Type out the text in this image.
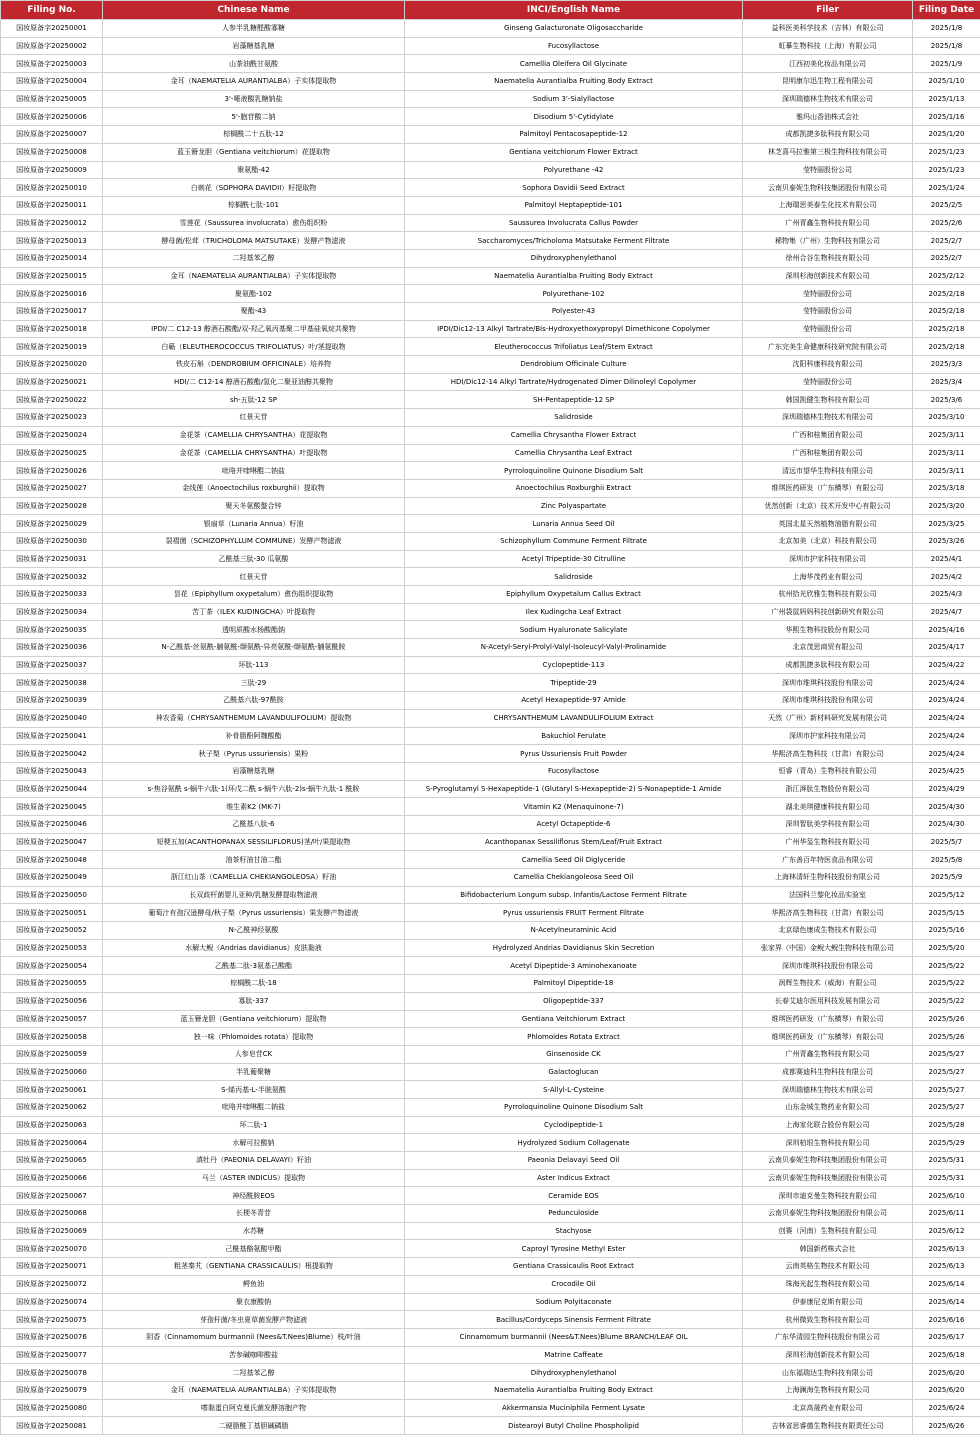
Filing No.	Chinese Name	INCI/English Name	Filer	Filing Date
国妆原备字20250001	人参半乳糖醛酸寡糖	Ginseng Galacturonate Oligosaccharide	益科医美科学技术（吉林）有限公司	2025/1/8
国妆原备字20250002	岩藻糖基乳糖	Fucosyllactose	虹摹生物科技（上海）有限公司	2025/1/8
国妆原备字20250003	山茶油酰甘氨酸	Camellia Oleifera Oil Glycinate	江西初美化妆品有限公司	2025/1/9
国妆原备字20250004	金耳（NAEMATELIA AURANTIALBA）子实体提取物	Naematelia Aurantialba Fruiting Body Extract	昆明康尔迅生物工程有限公司	2025/1/10
国妆原备字20250005	3'-唾液酸乳糖钠盐	Sodium 3'-Sialyllactose	深圳瑞德林生物技术有限公司	2025/1/13
国妆原备字20250006	5'-胞苷酸二钠	Disodium 5'-Cytidylate	雅玛山香油株式会社	2025/1/16
国妆原备字20250007	棕榈酰二十五肽-12	Palmitoyl Pentacosapeptide-12	成都凯捷多肽科技有限公司	2025/1/20
国妆原备字20250008	蓝玉簪龙胆（Gentiana veitchiorum）花提取物	Gentiana veitchiorum Flower Extract	林芝喜马拉雅第三极生物科技有限公司	2025/1/23
国妆原备字20250009	聚氨酯-42	Polyurethane -42	莹特丽股份公司	2025/1/23
国妆原备字20250010	白刺花（SOPHORA DAVIDII）籽提取物	Sophora Davidii Seed Extract	云南贝泰妮生物科技集团股份有限公司	2025/1/24
国妆原备字20250011	棕榈酰七肽-101	Palmitoyl Heptapeptide-101	上海瑞思美泰生化技术有限公司	2025/2/5
国妆原备字20250012	雪莲花（Saussurea involucrata）愈伤组织粉	Saussurea Involucrata Callus Powder	广州青鑫生物科技有限公司	2025/2/6
国妆原备字20250013	酵母菌/松茸（TRICHOLOMA MATSUTAKE）发酵产物滤液	Saccharomyces/Tricholoma Matsutake Ferment Filtrate	稀物集（广州）生物科技有限公司	2025/2/7
国妆原备字20250014	二羟基苯乙醇	Dihydroxyphenylethanol	徐州合谷生物科技有限公司	2025/2/7
国妆原备字20250015	金耳（NAEMATELIA AURANTIALBA）子实体提取物	Naematelia Aurantialba Fruiting Body Extract	深圳杉海创新技术有限公司	2025/2/12
国妆原备字20250016	聚氨酯-102	Polyurethane-102	莹特丽股份公司	2025/2/18
国妆原备字20250017	聚酯-43	Polyester-43	莹特丽股份公司	2025/2/18
国妆原备字20250018	IPDI/二 C12-13 醇酒石酸酯/双-羟乙氧丙基聚二甲基硅氧烷共聚物	IPDI/Dic12-13 Alkyl Tartrate/Bis-Hydroxyethoxypropyl Dimethicone Copolymer	莹特丽股份公司	2025/2/18
国妆原备字20250019	白簕（ELEUTHEROCOCCUS TRIFOLIATUS）叶/茎提取物	Eleutherococcus Trifoliatus Leaf/Stem Extract	广东完美生命健康科技研究院有限公司	2025/2/18
国妆原备字20250020	铁皮石斛（DENDROBIUM OFFICINALE）培养物	Dendrobium Officinale Culture	沈阳科康科技有限公司	2025/3/3
国妆原备字20250021	HDI/二 C12-14 醇酒石酸酯/氢化二聚亚油醇共聚物	HDI/Dic12-14 Alkyl Tartrate/Hydrogenated Dimer Dilinoleyl Copolymer	莹特丽股份公司	2025/3/4
国妆原备字20250022	sh-五肽-12 SP	SH-Pentapeptide-12 SP	韩国凯健生物科技有限公司	2025/3/6
国妆原备字20250023	红景天苷	Salidroside	深圳瑞德林生物技术有限公司	2025/3/10
国妆原备字20250024	金花茶（CAMELLIA CHRYSANTHA）花提取物	Camellia Chrysantha Flower Extract	广西和桂集团有限公司	2025/3/11
国妆原备字20250025	金花茶（CAMELLIA CHRYSANTHA）叶提取物	Camellia Chrysantha Leaf Extract	广西和桂集团有限公司	2025/3/11
国妆原备字20250026	吡咯并喹啉醌二钠盐	Pyrroloquinoline Quinone Disodium Salt	清远市望华生物科技有限公司	2025/3/11
国妆原备字20250027	金线莲（Anoectochilus roxburghii）提取物	Anoectochilus Roxburghii Extract	维琪医药研发（广东横琴）有限公司	2025/3/18
国妆原备字20250028	聚天冬氨酸螯合锌	Zinc Polyaspartate	优然创新（北京）技术开发中心有限公司	2025/3/20
国妆原备字20250029	银扇草（Lunaria Annua）籽油	Lunaria Annua Seed Oil	英国北星天然植物油脂有限公司	2025/3/25
国妆原备字20250030	裂褶菌（SCHIZOPHYLLUM COMMUNE）发酵产物滤液	Schizophyllum Commune Ferment Filtrate	北京加美（北京）科技有限公司	2025/3/26
国妆原备字20250031	乙酰基三肽-30 瓜氨酸	Acetyl Tripeptide-30 Citrulline	深圳市护家科技有限公司	2025/4/1
国妆原备字20250032	红景天苷	Salidroside	上海华茂药业有限公司	2025/4/2
国妆原备字20250033	昙花（Epiphyllum oxypetalum）愈伤组织提取物	Epiphyllum Oxypetalum Callus Extract	杭州拾光欣雅生物科技有限公司	2025/4/3
国妆原备字20250034	苦丁茶（ILEX KUDINGCHA）叶提取物	Ilex Kudingcha Leaf Extract	广州袋鼠妈妈科技创新研究有限公司	2025/4/7
国妆原备字20250035	透明质酸水杨酸酯钠	Sodium Hyaluronate Salicylate	华熙生物科技股份有限公司	2025/4/16
国妆原备字20250036	N-乙酰基-丝氨酰-脯氨酰-缬氨酰-异亮氨酰-缬氨酰-脯氨酰胺	N-Acetyl-Seryl-Prolyl-Valyl-Isoleucyl-Valyl-Prolinamide	北京茂思商贸有限公司	2025/4/17
国妆原备字20250037	环肽-113	Cyclopeptide-113	成都凯捷多肽科技有限公司	2025/4/22
国妆原备字20250038	三肽-29	Tripeptide-29	深圳市维琪科技股份有限公司	2025/4/24
国妆原备字20250039	乙酰基六肽-97酰胺	Acetyl Hexapeptide-97 Amide	深圳市维琪科技股份有限公司	2025/4/24
国妆原备字20250040	神农香菊（CHRYSANTHEMUM LAVANDULIFOLIUM）提取物	CHRYSANTHEMUM LAVANDULIFOLIUM Extract	天然（广州）新材料研究发展有限公司	2025/4/24
国妆原备字20250041	补骨脂酚阿魏酸酯	Bakuchiol Ferulate	深圳市护家科技有限公司	2025/4/24
国妆原备字20250042	秋子梨（Pyrus ussuriensis）果粉	Pyrus Ussuriensis Fruit Powder	华熙济高生物科技（甘肃）有限公司	2025/4/24
国妆原备字20250043	岩藻糖基乳糖	Fucosyllactose	恒睿（青岛）生物科技有限公司	2025/4/25
国妆原备字20250044	s-焦谷氨酰 s-蜗牛六肽-1(环戊二酰 s-蜗牛六肽-2)s-蜗牛九肽-1 酰胺	S-Pyroglutamyl S-Hexapeptide-1 (Glutaryl S-Hexapeptide-2) S-Nonapeptide-1 Amide	浙江湃肽生物股份有限公司	2025/4/29
国妆原备字20250045	维生素K2 (MK-7)	Vitamin K2 (Menaquinone-7)	湖北美琪健康科技有限公司	2025/4/30
国妆原备字20250046	乙酰基八肽-6	Acetyl Octapeptide-6	深圳智肽美学科技有限公司	2025/4/30
国妆原备字20250047	短梗五加(ACANTHOPANAX SESSILIFLORUS)茎/叶/果提取物	Acanthopanax Sessiliflorus Stem/Leaf/Fruit Extract	广州华玺生物科技有限公司	2025/5/7
国妆原备字20250048	油茶籽油甘油二酯	Camellia Seed Oil Diglyceride	广东善百年特医食品有限公司	2025/5/8
国妆原备字20250049	浙江红山茶（CAMELLIA CHEKIANGOLEOSA）籽油	Camellia Chekiangoleosa Seed Oil	上海林清轩生物科技股份有限公司	2025/5/9
国妆原备字20250050	长双歧杆菌婴儿亚种/乳糖发酵提取物滤液	Bifidobacterium Longum subsp. Infantis/Lactose Ferment Filtrate	法国科兰黎化妆品实验室	2025/5/12
国妆原备字20250051	葡萄汁有孢汉逊酵母/秋子梨（Pyrus ussuriensis）果发酵产物滤液	Pyrus ussuriensis FRUIT Ferment Filtrate	华熙济高生物科技（甘肃）有限公司	2025/5/15
国妆原备字20250052	N-乙酰神经氨酸	N-Acetylneuraminic Acid	北京绿色康成生物技术有限公司	2025/5/16
国妆原备字20250053	水解大鲵（Andrias davidianus）皮肤黏液	Hydrolyzed Andrias Davidianus Skin Secretion	张家界（中国）金鲵大鲵生物科技有限公司	2025/5/20
国妆原备字20250054	乙酰基二肽-3氨基己酸酯	Acetyl Dipeptide-3 Aminohexanoate	深圳市维琪科技股份有限公司	2025/5/22
国妆原备字20250055	棕榈酰二肽-18	Palmitoyl Dipeptide-18	润辉生物技术（威海）有限公司	2025/5/22
国妆原备字20250056	寡肽-337	Oligopeptide-337	长春艾迪尔医用科技发展有限公司	2025/5/22
国妆原备字20250057	蓝玉簪龙胆（Gentiana veitchiorum）提取物	Gentiana Veitchiorum Extract	维琪医药研发（广东横琴）有限公司	2025/5/26
国妆原备字20250058	独一味（Phlomoides rotata）提取物	Phlomoides Rotata Extract	维琪医药研发（广东横琴）有限公司	2025/5/26
国妆原备字20250059	人参皂苷CK	Ginsenoside CK	广州青鑫生物科技有限公司	2025/5/27
国妆原备字20250060	半乳葡聚糖	Galactoglucan	成都赛迪科生物科技有限公司	2025/5/27
国妆原备字20250061	S-烯丙基-L-半胱氨酸	S-Allyl-L-Cysteine	深圳瑞德林生物技术有限公司	2025/5/27
国妆原备字20250062	吡咯并喹啉醌二钠盐	Pyrroloquinoline Quinone Disodium Salt	山东金城生物药业有限公司	2025/5/27
国妆原备字20250063	环二肽-1	Cyclodipeptide-1	上海家化联合股份有限公司	2025/5/28
国妆原备字20250064	水解可拉酸钠	Hydrolyzed Sodium Collagenate	深圳柏垠生物科技有限公司	2025/5/29
国妆原备字20250065	滇牡丹（PAEONIA DELAVAYI）籽油	Paeonia Delavayi Seed Oil	云南贝泰妮生物科技集团股份有限公司	2025/5/31
国妆原备字20250066	马兰（ASTER INDICUS）提取物	Aster Indicus Extract	云南贝泰妮生物科技集团股份有限公司	2025/5/31
国妆原备字20250067	神经酰胺EOS	Ceramide EOS	深圳市迪克曼生物科技有限公司	2025/6/10
国妆原备字20250068	长梗冬青苷	Pedunculoside	云南贝泰妮生物科技集团股份有限公司	2025/6/11
国妆原备字20250069	水苏糖	Stachyose	创赛（河南）生物科技有限公司	2025/6/12
国妆原备字20250070	己酰基酪氨酸甲酯	Caproyl Tyrosine Methyl Ester	韩国新药株式会社	2025/6/13
国妆原备字20250071	粗茎秦艽（GENTIANA CRASSICAULIS）根提取物	Gentiana Crassicaulis Root Extract	云南英格生物技术有限公司	2025/6/13
国妆原备字20250072	鳄鱼油	Crocodile Oil	珠海光起生物科技有限公司	2025/6/14
国妆原备字20250074	聚衣康酸钠	Sodium Polyitaconate	伊泰康尼克斯有限公司	2025/6/14
国妆原备字20250075	芽孢杆菌/冬虫夏草菌发酵产物滤液	Bacillus/Cordyceps Sinensis Ferment Filtrate	杭州微致生物科技有限公司	2025/6/16
国妆原备字20250076	阴香（Cinnamomum burmannii (Nees&T.Nees)Blume）枝/叶油	Cinnamomum burmannii (Nees&T.Nees)Blume BRANCH/LEAF OIL	广东华清园生物科技股份有限公司	2025/6/17
国妆原备字20250077	苦参碱咖啡酸盐	Matrine Caffeate	深圳杉海创新技术有限公司	2025/6/18
国妆原备字20250078	二羟基苯乙醇	Dihydroxyphenylethanol	山东福瑞达生物科技有限公司	2025/6/20
国妆原备字20250079	金耳（NAEMATELIA AURANTIALBA）子实体提取物	Naematelia Aurantialba Fruiting Body Extract	上海澜海生物科技有限公司	2025/6/20
国妆原备字20250080	嗜黏蛋白阿克曼氏菌发酵溶胞产物	Akkermansia Muciniphila Ferment Lysate	北京高晟药业有限公司	2025/6/24
国妆原备字20250081	二硬脂酰丁基胆碱磷脂	Distearoyl Butyl Choline Phospholipid	吉林省思睿德生物科技有限责任公司	2025/6/26
